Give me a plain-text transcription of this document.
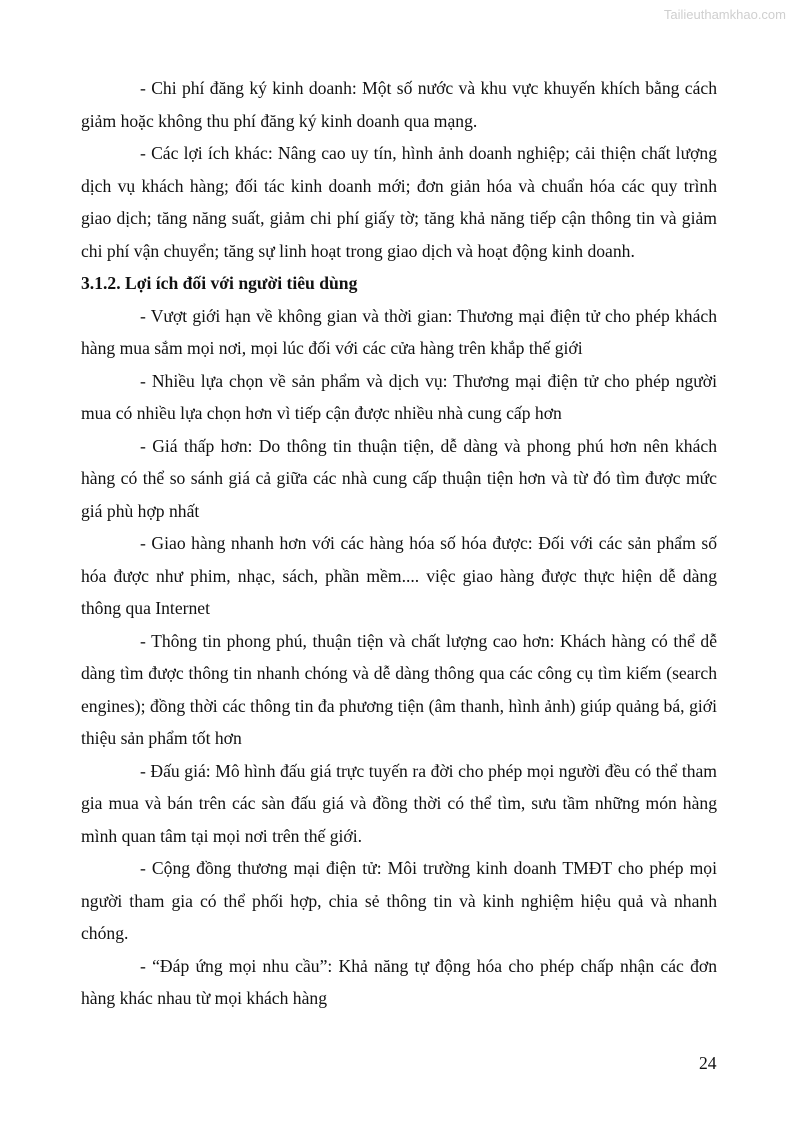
Tailieuthamkhao.com

- Chi phí đăng ký kinh doanh: Một số nước và khu vực khuyến khích bằng cách giảm hoặc không thu phí đăng ký kinh doanh qua mạng.

- Các lợi ích khác: Nâng cao uy tín, hình ảnh doanh nghiệp; cải thiện chất lượng dịch vụ khách hàng; đối tác kinh doanh mới; đơn giản hóa và chuẩn hóa các quy trình giao dịch; tăng năng suất, giảm chi phí giấy tờ; tăng khả năng tiếp cận thông tin và giảm chi phí vận chuyển; tăng sự linh hoạt trong giao dịch và hoạt động kinh doanh.

3.1.2. Lợi ích đối với người tiêu dùng

- Vượt giới hạn về không gian và thời gian: Thương mại điện tử cho phép khách hàng mua sắm mọi nơi, mọi lúc đối với các cửa hàng trên khắp thế giới

- Nhiều lựa chọn về sản phẩm và dịch vụ: Thương mại điện tử cho phép người mua có nhiều lựa chọn hơn vì tiếp cận được nhiều nhà cung cấp hơn

- Giá thấp hơn: Do thông tin thuận tiện, dễ dàng và phong phú hơn nên khách hàng có thể so sánh giá cả giữa các nhà cung cấp thuận tiện hơn và từ đó tìm được mức giá phù hợp nhất

- Giao hàng nhanh hơn với các hàng hóa số hóa được: Đối với các sản phẩm số hóa được như phim, nhạc, sách, phần mềm.... việc giao hàng được thực hiện dễ dàng thông qua Internet

- Thông tin phong phú, thuận tiện và chất lượng cao hơn: Khách hàng có thể dễ dàng tìm được thông tin nhanh chóng và dễ dàng thông qua các công cụ tìm kiếm (search engines); đồng thời các thông tin đa phương tiện (âm thanh, hình ảnh) giúp quảng bá, giới thiệu sản phẩm tốt hơn

- Đấu giá: Mô hình đấu giá trực tuyến ra đời cho phép mọi người đều có thể tham gia mua và bán trên các sàn đấu giá và đồng thời có thể tìm, sưu tầm những món hàng mình quan tâm tại mọi nơi trên thế giới.

- Cộng đồng thương mại điện tử: Môi trường kinh doanh TMĐT cho phép mọi người tham gia có thể phối hợp, chia sẻ thông tin và kinh nghiệm hiệu quả và nhanh chóng.

- “Đáp ứng mọi nhu cầu”: Khả năng tự động hóa cho phép chấp nhận các đơn hàng khác nhau từ mọi khách hàng

24
